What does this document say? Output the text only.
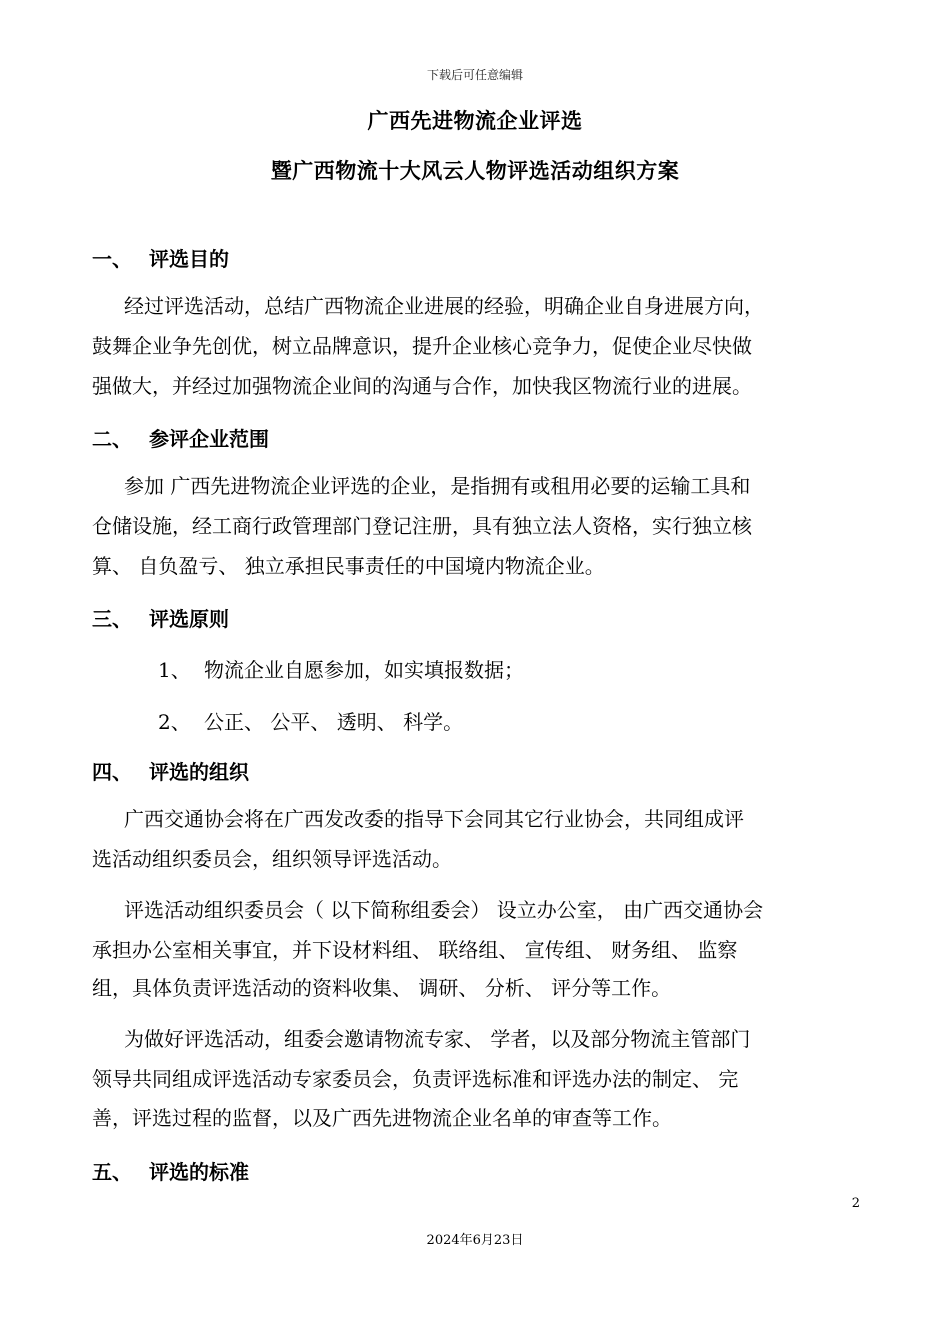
下载后可任意编辑
广西先进物流企业评选
暨广西物流十大风云人物评选活动组织方案
一、 评选目的
经过评选活动，总结广西物流企业进展的经验，明确企业自身进展方向，
鼓舞企业争先创优，树立品牌意识，提升企业核心竞争力，促使企业尽快做
强做大，并经过加强物流企业间的沟通与合作，加快我区物流行业的进展。
二、 参评企业范围
参加 广西先进物流企业评选的企业，是指拥有或租用必要的运输工具和
仓储设施，经工商行政管理部门登记注册，具有独立法人资格，实行独立核
算、 自负盈亏、 独立承担民事责任的中国境内物流企业。
三、 评选原则
1、 物流企业自愿参加，如实填报数据；
2、 公正、 公平、 透明、 科学。
四、 评选的组织
广西交通协会将在广西发改委的指导下会同其它行业协会，共同组成评
选活动组织委员会，组织领导评选活动。
评选活动组织委员会（ 以下简称组委会） 设立办公室， 由广西交通协会
承担办公室相关事宜，并下设材料组、 联络组、 宣传组、 财务组、 监察
组，具体负责评选活动的资料收集、 调研、 分析、 评分等工作。
为做好评选活动，组委会邀请物流专家、 学者，以及部分物流主管部门
领导共同组成评选活动专家委员会，负责评选标准和评选办法的制定、 完
善，评选过程的监督，以及广西先进物流企业名单的审查等工作。
五、 评选的标准
2
2024年6月23日
